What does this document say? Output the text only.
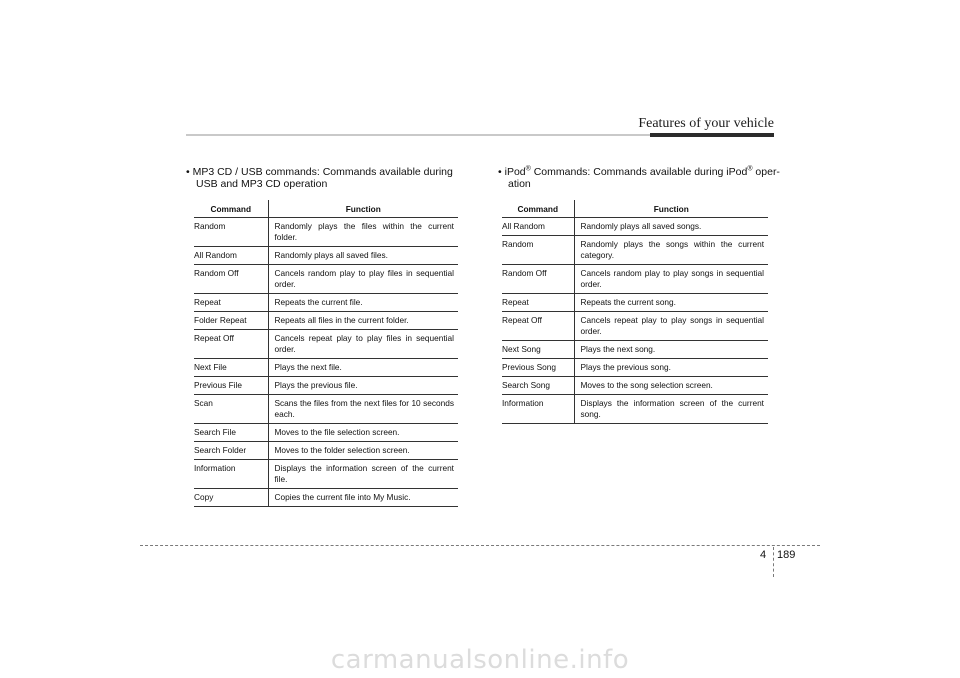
Features of your vehicle
• MP3 CD / USB commands: Commands available during
USB and MP3 CD operation
Command	Function
Random	Randomly plays the files within the current folder.
All Random	Randomly plays all saved files.
Random Off	Cancels random play to play files in sequential order.
Repeat	Repeats the current file.
Folder Repeat	Repeats all files in the current folder.
Repeat Off	Cancels repeat play to play files in sequential order.
Next File	Plays the next file.
Previous File	Plays the previous file.
Scan	Scans the files from the next files for 10 seconds each.
Search File	Moves to the file selection screen.
Search Folder	Moves to the folder selection screen.
Information	Displays the information screen of the current file.
Copy	Copies the current file into My Music.
• iPod® Commands: Commands available during iPod® oper-
ation
Command	Function
All Random	Randomly plays all saved songs.
Random	Randomly plays the songs within the current category.
Random Off	Cancels random play to play songs in sequential order.
Repeat	Repeats the current song.
Repeat Off	Cancels repeat play to play songs in sequential order.
Next Song	Plays the next song.
Previous Song	Plays the previous song.
Search Song	Moves to the song selection screen.
Information	Displays the information screen of the current song.
4 189
carmanualsonline.info
